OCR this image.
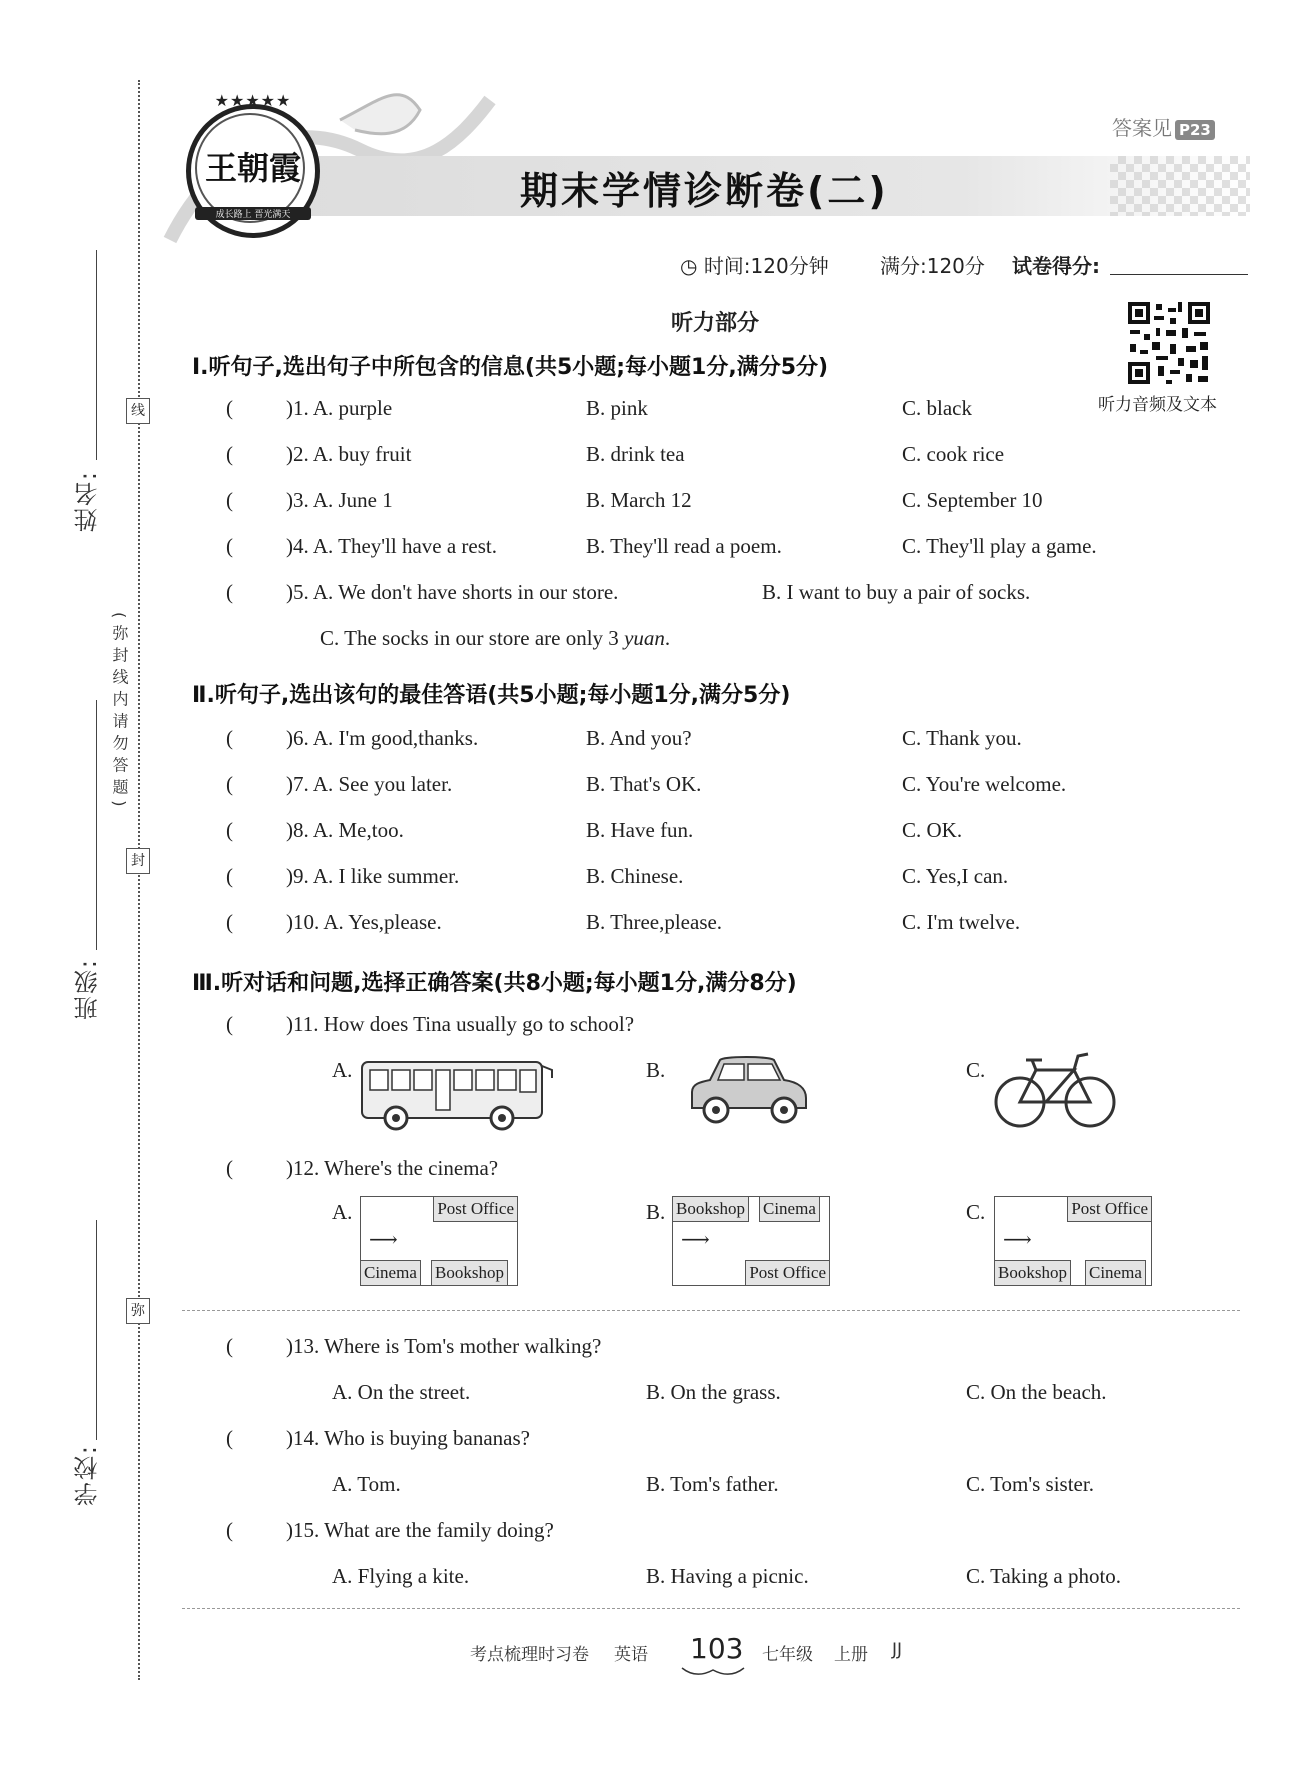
线
封
弥
(弥封线内请勿答题)
姓名:
班级:
学校:
★★★★★
王朝霞
成长路上 晋光满天
答案见 P23
期末学情诊断卷(二)
◷ 时间:120分钟	满分:120分 试卷得分:
听力部分
听力音频及文本
Ⅰ.听句子,选出句子中所包含的信息(共5小题;每小题1分,满分5分)
(	)1. A. purple	B. pink	C. black
(	)2. A. buy fruit	B. drink tea	C. cook rice
(	)3. A. June 1	B. March 12	C. September 10
(	)4. A. They'll have a rest.	B. They'll read a poem.	C. They'll play a game.
(	)5. A. We don't have shorts in our store.	B. I want to buy a pair of socks.
C. The socks in our store are only 3 yuan.
Ⅱ.听句子,选出该句的最佳答语(共5小题;每小题1分,满分5分)
(	)6. A. I'm good,thanks.	B. And you?	C. Thank you.
(	)7. A. See you later.	B. That's OK.	C. You're welcome.
(	)8. A. Me,too.	B. Have fun.	C. OK.
(	)9. A. I like summer.	B. Chinese.	C. Yes,I can.
(	)10. A. Yes,please.	B. Three,please.	C. I'm twelve.
Ⅲ.听对话和问题,选择正确答案(共8小题;每小题1分,满分8分)
(	)11. How does Tina usually go to school?
A.	B.	C.
(	)12. Where's the cinema?
A.	Post Office
⟶
Cinema Bookshop
B. Bookshop Cinema
⟶
Post Office
C.	Post Office
⟶
Bookshop Cinema
(	)13. Where is Tom's mother walking?
A. On the street.	B. On the grass.	C. On the beach.
(	)14. Who is buying bananas?
A. Tom.	B. Tom's father.	C. Tom's sister.
(	)15. What are the family doing?
A. Flying a kite.	B. Having a picnic.	C. Taking a photo.
考点梳理时习卷 英语 103 七年级 上册 JJ
